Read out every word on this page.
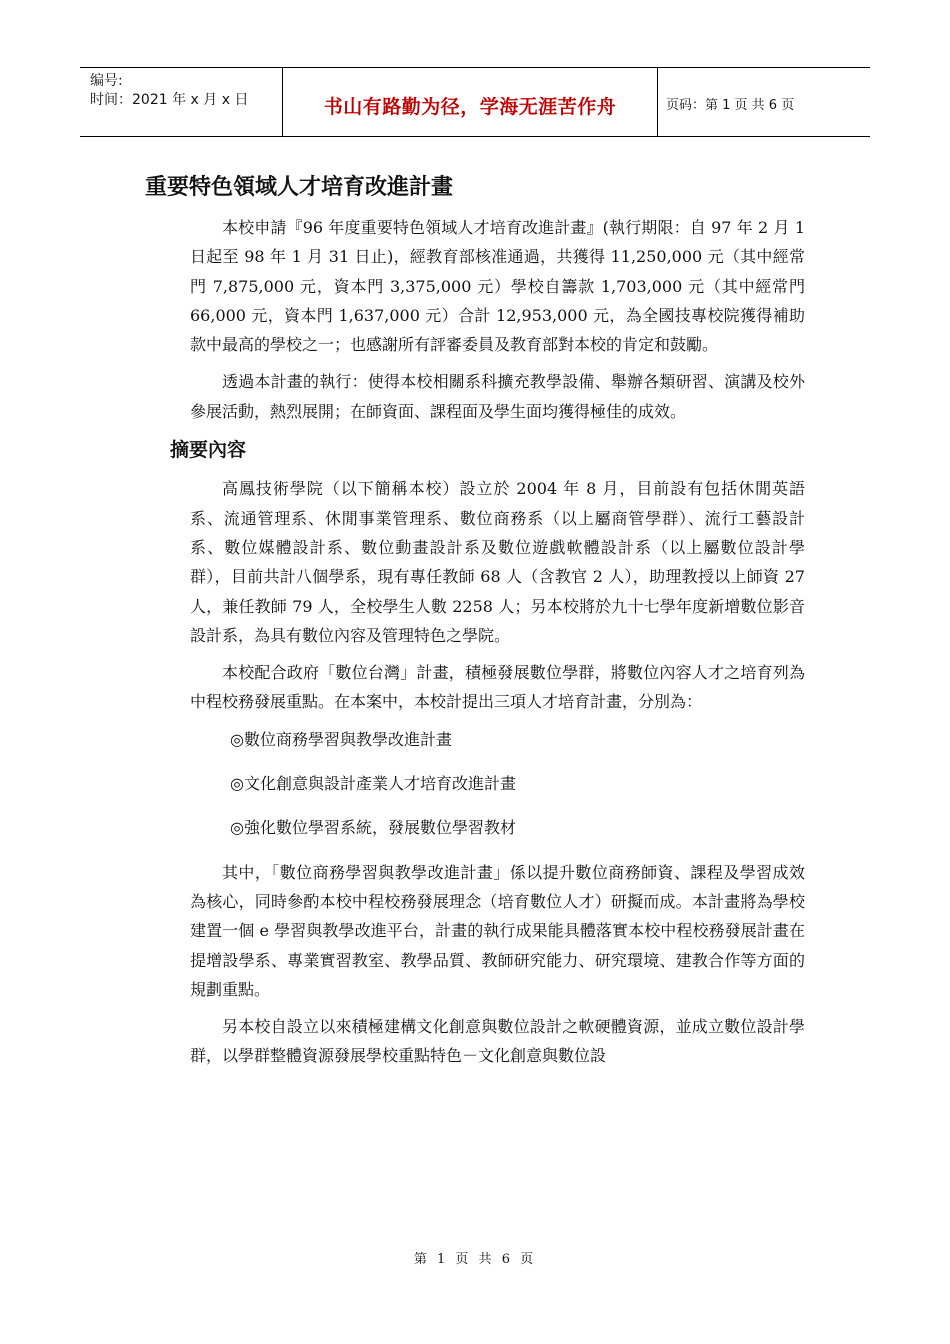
编号:
时间：2021 年 x 月 x 日	书山有路勤为径，学海无涯苦作舟	页码：第 1 页 共 6 页
重要特色領域人才培育改進計畫

本校申請『96 年度重要特色領域人才培育改進計畫』(執行期限：自 97 年 2 月 1 日起至 98 年 1 月 31 日止)，經教育部核准通過，共獲得 11,250,000 元（其中經常門 7,875,000 元，資本門 3,375,000 元）學校自籌款 1,703,000 元（其中經常門 66,000 元，資本門 1,637,000 元）合計 12,953,000 元，為全國技專校院獲得補助款中最高的學校之一；也感謝所有評審委員及教育部對本校的肯定和鼓勵。

透過本計畫的執行：使得本校相關系科擴充教學設備、舉辦各類研習、演講及校外參展活動，熱烈展開；在師資面、課程面及學生面均獲得極佳的成效。

摘要內容

高鳳技術學院（以下簡稱本校）設立於 2004 年 8 月，目前設有包括休閒英語系、流通管理系、休閒事業管理系、數位商務系（以上屬商管學群）、流行工藝設計系、數位媒體設計系、數位動畫設計系及數位遊戲軟體設計系（以上屬數位設計學群），目前共計八個學系，現有專任教師 68 人（含教官 2 人），助理教授以上師資 27 人，兼任教師 79 人，全校學生人數 2258 人；另本校將於九十七學年度新增數位影音設計系，為具有數位內容及管理特色之學院。

本校配合政府「數位台灣」計畫，積極發展數位學群，將數位內容人才之培育列為中程校務發展重點。在本案中，本校計提出三項人才培育計畫，分別為：

◎數位商務學習與教學改進計畫

◎文化創意與設計產業人才培育改進計畫

◎強化數位學習系統，發展數位學習教材

其中，「數位商務學習與教學改進計畫」係以提升數位商務師資、課程及學習成效為核心，同時參酌本校中程校務發展理念（培育數位人才）研擬而成。本計畫將為學校建置一個 e 學習與教學改進平台，計畫的執行成果能具體落實本校中程校務發展計畫在提增設學系、專業實習教室、教學品質、教師研究能力、研究環境、建教合作等方面的規劃重點。

另本校自設立以來積極建構文化創意與數位設計之軟硬體資源，並成立數位設計學群，以學群整體資源發展學校重點特色－文化創意與數位設

第 1 页 共 6 页
